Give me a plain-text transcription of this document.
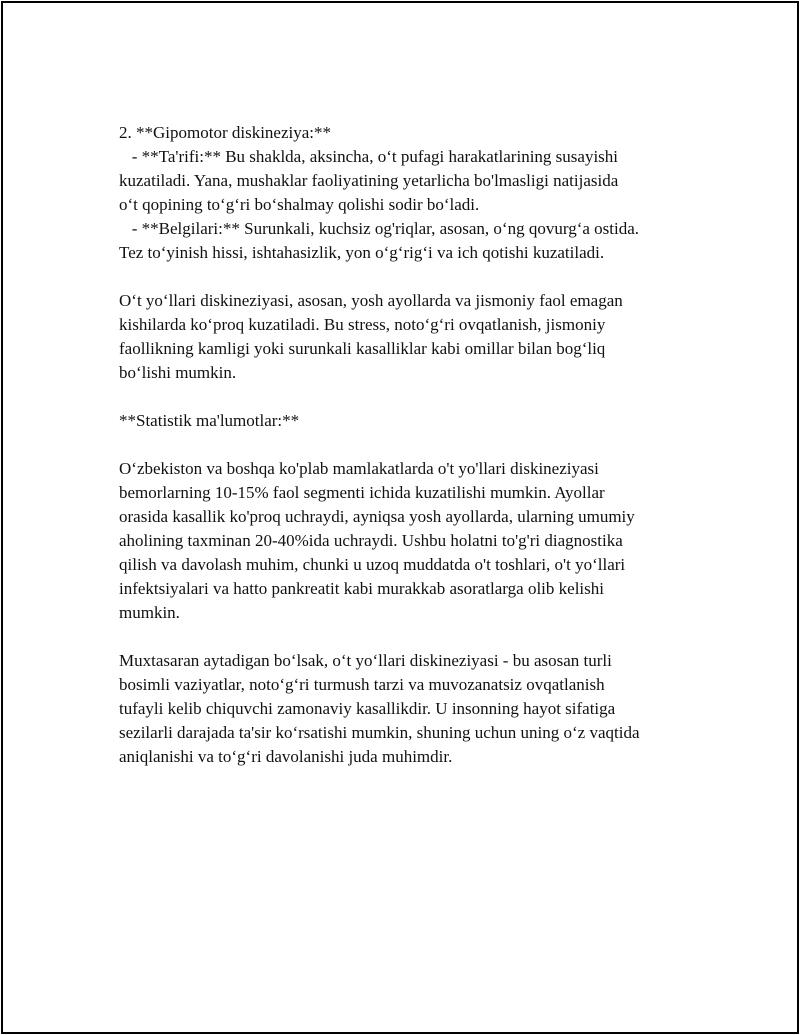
2. **Gipomotor diskineziya:**
- **Ta'rifi:** Bu shaklda, aksincha, o‘t pufagi harakatlarining susayishi
kuzatiladi. Yana, mushaklar faoliyatining yetarlicha bo'lmasligi natijasida
o‘t qopining to‘g‘ri bo‘shalmay qolishi sodir bo‘ladi.
- **Belgilari:** Surunkali, kuchsiz og'riqlar, asosan, o‘ng qovurg‘a ostida.
Tez to‘yinish hissi, ishtahasizlik, yon o‘g‘rig‘i va ich qotishi kuzatiladi.
O‘t yo‘llari diskineziyasi, asosan, yosh ayollarda va jismoniy faol emagan
kishilarda ko‘proq kuzatiladi. Bu stress, noto‘g‘ri ovqatlanish, jismoniy
faollikning kamligi yoki surunkali kasalliklar kabi omillar bilan bog‘liq
bo‘lishi mumkin.
**Statistik ma'lumotlar:**
O‘zbekiston va boshqa ko'plab mamlakatlarda o't yo'llari diskineziyasi
bemorlarning 10-15% faol segmenti ichida kuzatilishi mumkin. Ayollar
orasida kasallik ko'proq uchraydi, ayniqsa yosh ayollarda, ularning umumiy
aholining taxminan 20-40%ida uchraydi. Ushbu holatni to'g'ri diagnostika
qilish va davolash muhim, chunki u uzoq muddatda o't toshlari, o't yo‘llari
infektsiyalari va hatto pankreatit kabi murakkab asoratlarga olib kelishi
mumkin.
Muxtasaran aytadigan bo‘lsak, o‘t yo‘llari diskineziyasi - bu asosan turli
bosimli vaziyatlar, noto‘g‘ri turmush tarzi va muvozanatsiz ovqatlanish
tufayli kelib chiquvchi zamonaviy kasallikdir. U insonning hayot sifatiga
sezilarli darajada ta'sir ko‘rsatishi mumkin, shuning uchun uning o‘z vaqtida
aniqlanishi va to‘g‘ri davolanishi juda muhimdir.
